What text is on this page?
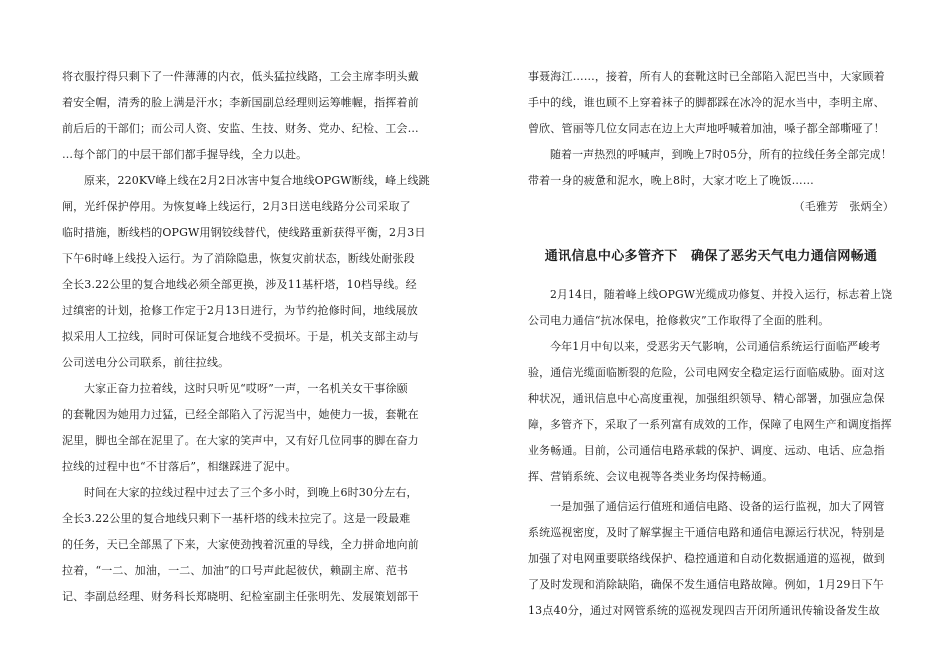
将衣服拧得只剩下了一件薄薄的内衣，低头猛拉线路，工会主席李明头戴
着安全帽，清秀的脸上满是汗水；李新国副总经理则运筹帷幄，指挥着前
前后后的干部们；而公司人资、安监、生技、财务、党办、纪检、工会…
…每个部门的中层干部们都手握导线，全力以赴。
原来，220KV峰上线在2月2日冰害中复合地线OPGW断线，峰上线跳
闸，光纤保护停用。为恢复峰上线运行，2月3日送电线路分公司采取了
临时措施，断线档的OPGW用钢铰线替代，使线路重新获得平衡，2月3日
下午6时峰上线投入运行。为了消除隐患，恢复灾前状态，断线处耐张段
全长3.22公里的复合地线必须全部更换，涉及11基杆塔，10档导线。经
过缜密的计划，抢修工作定于2月13日进行，为节约抢修时间，地线展放
拟采用人工拉线，同时可保证复合地线不受损坏。于是，机关支部主动与
公司送电分公司联系，前往拉线。
大家正奋力拉着线，这时只听见“哎呀”一声，一名机关女干事徐颐
的套靴因为她用力过猛，已经全部陷入了污泥当中，她使力一拔，套靴在
泥里，脚也全部在泥里了。在大家的笑声中，又有好几位同事的脚在奋力
拉线的过程中也“不甘落后”，相继踩进了泥中。
时间在大家的拉线过程中过去了三个多小时，到晚上6时30分左右，
全长3.22公里的复合地线只剩下一基杆塔的线未拉完了。这是一段最难
的任务，天已全部黑了下来，大家使劲拽着沉重的导线，全力拼命地向前
拉着，“一二、加油，一二、加油”的口号声此起彼伏，赖副主席、范书
记、李副总经理、财务科长郑晓明、纪检室副主任张明先、发展策划部干
事聂海江……，接着，所有人的套靴这时已全部陷入泥巴当中，大家顾着
手中的线，谁也顾不上穿着袜子的脚都踩在冰冷的泥水当中，李明主席、
曾欣、管丽等几位女同志在边上大声地呼喊着加油，嗓子都全部嘶哑了！
随着一声热烈的呼喊声，到晚上7时05分，所有的拉线任务全部完成！
带着一身的疲惫和泥水，晚上8时，大家才吃上了晚饭……
（毛雅芳　张炳全）
通讯信息中心多管齐下　确保了恶劣天气电力通信网畅通
2月14日，随着峰上线OPGW光缆成功修复、并投入运行，标志着上饶
公司电力通信“抗冰保电，抢修救灾”工作取得了全面的胜利。
今年1月中旬以来，受恶劣天气影响，公司通信系统运行面临严峻考
验，通信光缆面临断裂的危险，公司电网安全稳定运行面临威胁。面对这
种状况，通讯信息中心高度重视，加强组织领导、精心部署，加强应急保
障，多管齐下，采取了一系列富有成效的工作，保障了电网生产和调度指挥
业务畅通。目前，公司通信电路承载的保护、调度、远动、电话、应急指
挥、营销系统、会议电视等各类业务均保持畅通。
一是加强了通信运行值班和通信电路、设备的运行监视，加大了网管
系统巡视密度，及时了解掌握主干通信电路和通信电源运行状况，特别是
加强了对电网重要联络线保护、稳控通道和自动化数据通道的巡视，做到
了及时发现和消除缺陷，确保不发生通信电路故障。例如，1月29日下午
13点40分，通过对网管系统的巡视发现四吉开闭所通讯传输设备发生故
